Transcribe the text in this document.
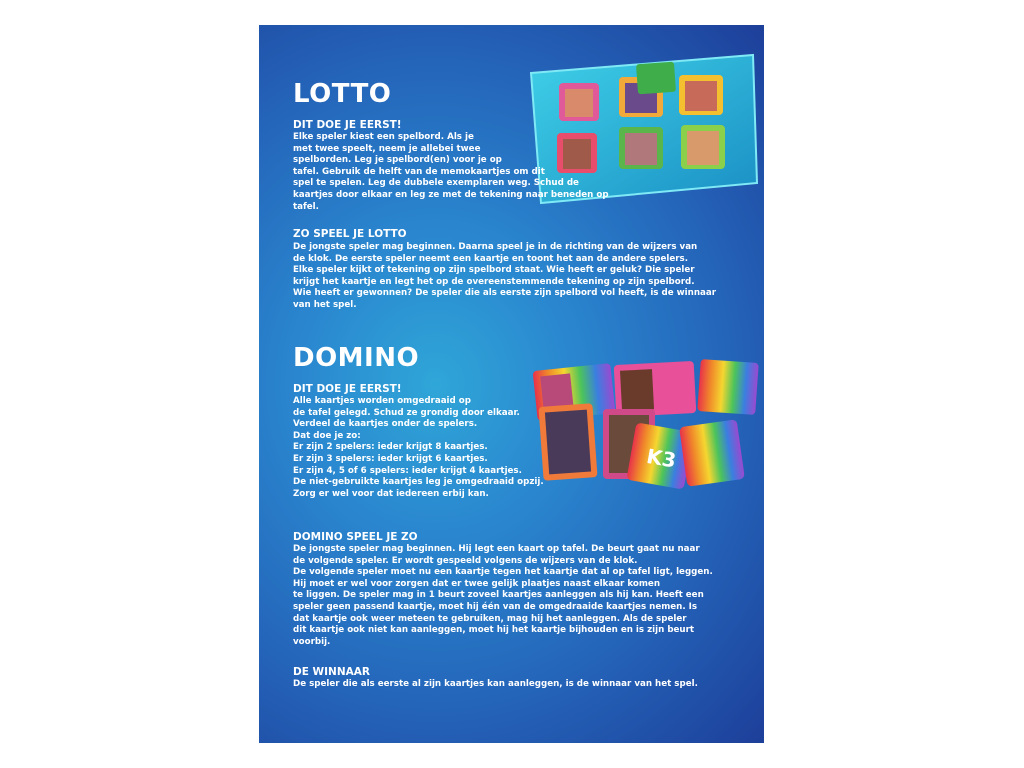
K3
LOTTO

DIT DOE JE EERST!

Elke speler kiest een spelbord. Als je
met twee speelt, neem je allebei twee
spelborden. Leg je spelbord(en) voor je op
tafel. Gebruik de helft van de memokaartjes om dit
spel te spelen. Leg de dubbele exemplaren weg. Schud de
kaartjes door elkaar en leg ze met de tekening naar beneden op
tafel.

ZO SPEEL JE LOTTO

De jongste speler mag beginnen. Daarna speel je in de richting van de wijzers van
de klok. De eerste speler neemt een kaartje en toont het aan de andere spelers.
Elke speler kijkt of tekening op zijn spelbord staat. Wie heeft er geluk? Die speler
krijgt het kaartje en legt het op de overeenstemmende tekening op zijn spelbord.
Wie heeft er gewonnen? De speler die als eerste zijn spelbord vol heeft, is de winnaar
van het spel.

DOMINO

DIT DOE JE EERST!

Alle kaartjes worden omgedraaid op
de tafel gelegd. Schud ze grondig door elkaar.
Verdeel de kaartjes onder de spelers.
Dat doe je zo:
Er zijn 2 spelers: ieder krijgt 8 kaartjes.
Er zijn 3 spelers: ieder krijgt 6 kaartjes.
Er zijn 4, 5 of 6 spelers: ieder krijgt 4 kaartjes.
De niet-gebruikte kaartjes leg je omgedraaid opzij.
Zorg er wel voor dat iedereen erbij kan.

DOMINO SPEEL JE ZO

De jongste speler mag beginnen. Hij legt een kaart op tafel. De beurt gaat nu naar
de volgende speler. Er wordt gespeeld volgens de wijzers van de klok.
De volgende speler moet nu een kaartje tegen het kaartje dat al op tafel ligt, leggen.
Hij moet er wel voor zorgen dat er twee gelijk plaatjes naast elkaar komen
te liggen. De speler mag in 1 beurt zoveel kaartjes aanleggen als hij kan. Heeft een
speler geen passend kaartje, moet hij één van de omgedraaide kaartjes nemen. Is
dat kaartje ook weer meteen te gebruiken, mag hij het aanleggen. Als de speler
dit kaartje ook niet kan aanleggen, moet hij het kaartje bijhouden en is zijn beurt
voorbij.

DE WINNAAR

De speler die als eerste al zijn kaartjes kan aanleggen, is de winnaar van het spel.
